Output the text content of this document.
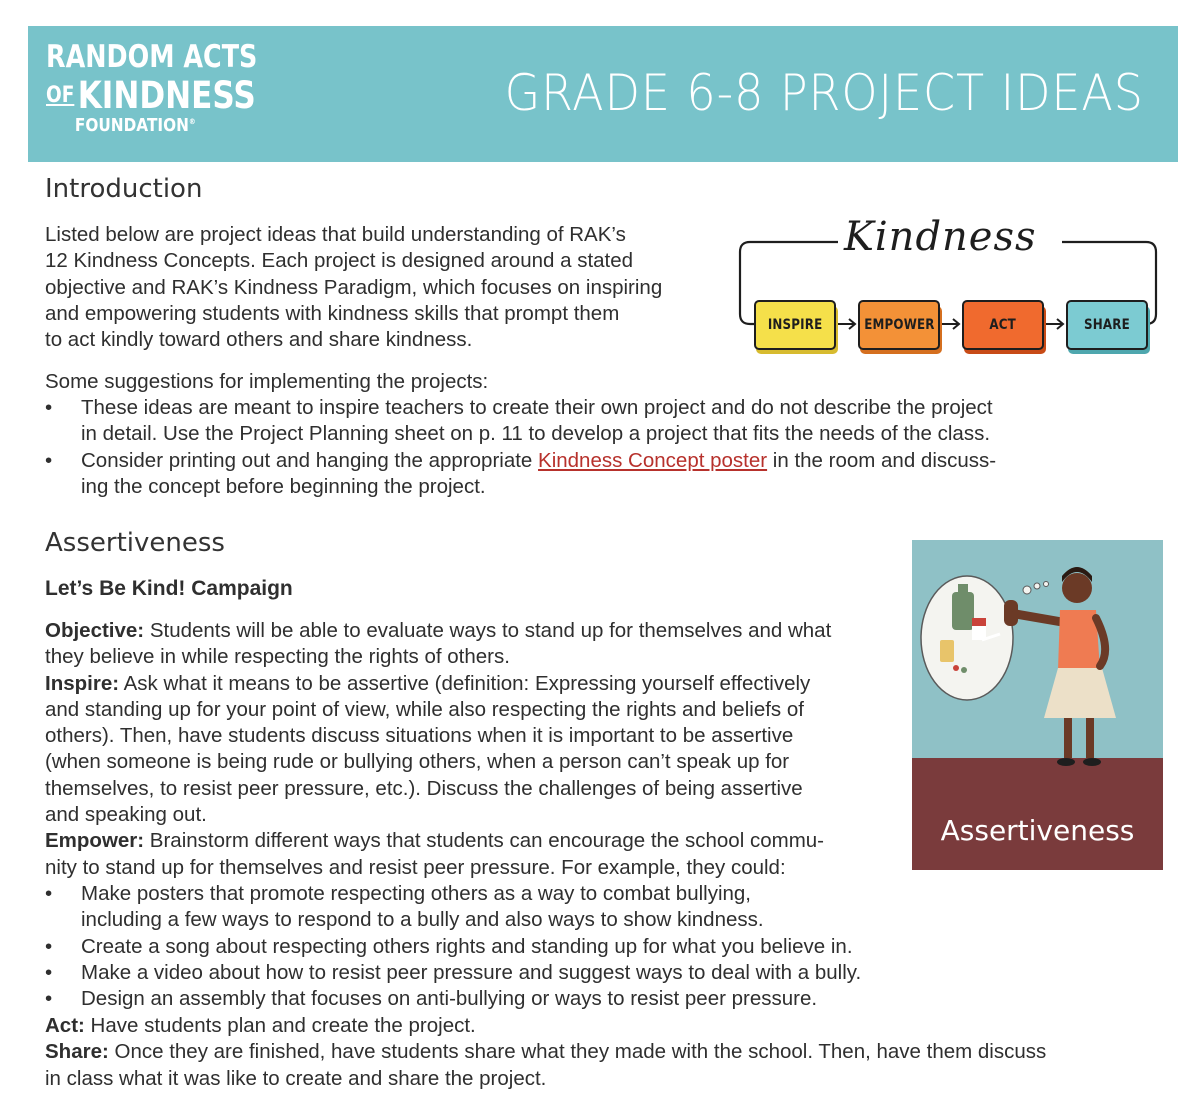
RANDOM ACTS
OFKINDNESS
FOUNDATION®	GRADE 6-8 PROJECT IDEAS
Introduction
Listed below are project ideas that build understanding of RAK’s
12 Kindness Concepts. Each project is designed around a stated
objective and RAK’s Kindness Paradigm, which focuses on inspiring
and empowering students with kindness skills that prompt them
to act kindly toward others and share kindness.
Kindness
INSPIRE	EMPOWER	ACT	SHARE
Some suggestions for implementing the projects:
• These ideas are meant to inspire teachers to create their own project and do not describe the project
in detail. Use the Project Planning sheet on p. 11 to develop a project that fits the needs of the class.
• Consider printing out and hanging the appropriate Kindness Concept poster in the room and discuss-
ing the concept before beginning the project.
Assertiveness
Let’s Be Kind! Campaign
Objective: Students will be able to evaluate ways to stand up for themselves and what
they believe in while respecting the rights of others.
Inspire: Ask what it means to be assertive (definition: Expressing yourself effectively
and standing up for your point of view, while also respecting the rights and beliefs of
others). Then, have students discuss situations when it is important to be assertive
(when someone is being rude or bullying others, when a person can’t speak up for
themselves, to resist peer pressure, etc.). Discuss the challenges of being assertive
and speaking out.
Empower: Brainstorm different ways that students can encourage the school commu-
nity to stand up for themselves and resist peer pressure. For example, they could:
• Make posters that promote respecting others as a way to combat bullying,
including a few ways to respond to a bully and also ways to show kindness.
• Create a song about respecting others rights and standing up for what you believe in.
• Make a video about how to resist peer pressure and suggest ways to deal with a bully.
• Design an assembly that focuses on anti-bullying or ways to resist peer pressure.
Act: Have students plan and create the project.
Share: Once they are finished, have students share what they made with the school. Then, have them discuss
in class what it was like to create and share the project.
Assertiveness
